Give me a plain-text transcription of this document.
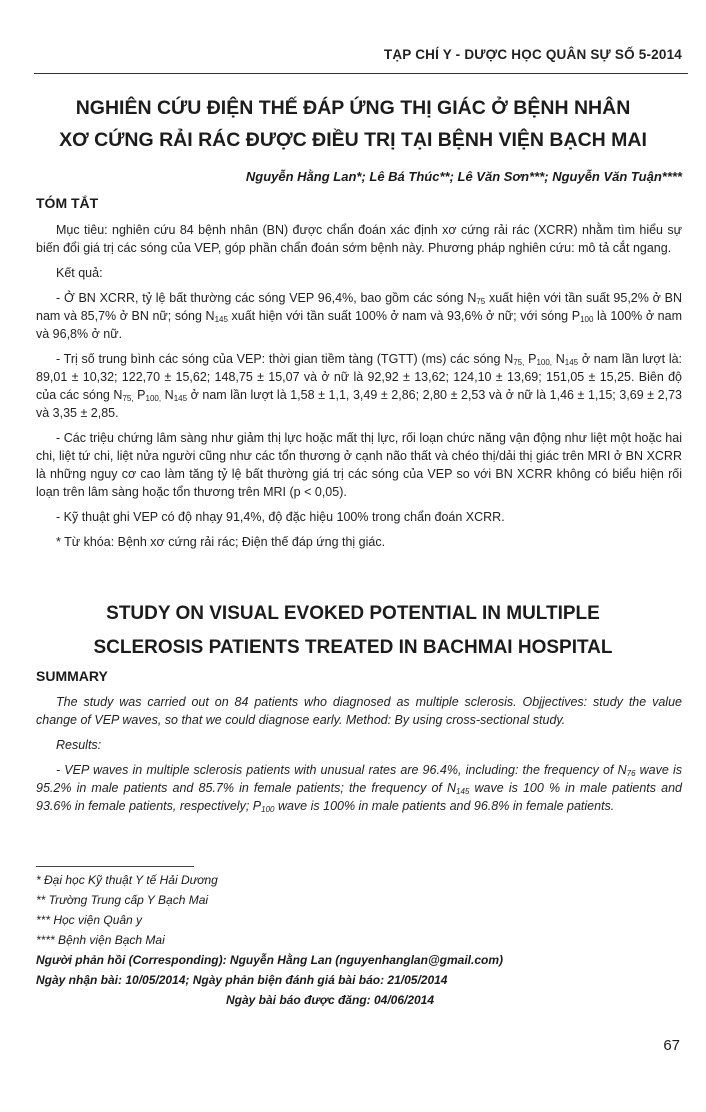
TẠP CHÍ Y - DƯỢC HỌC QUÂN SỰ SỐ 5-2014
NGHIÊN CỨU ĐIỆN THẾ ĐÁP ỨNG THỊ GIÁC Ở BỆNH NHÂN
XƠ CỨNG RẢI RÁC ĐƯỢC ĐIỀU TRỊ TẠI BỆNH VIỆN BẠCH MAI
Nguyễn Hằng Lan*; Lê Bá Thúc**; Lê Văn Sơn***; Nguyễn Văn Tuận****
TÓM TẮT

Mục tiêu: nghiên cứu 84 bệnh nhân (BN) được chẩn đoán xác định xơ cứng rải rác (XCRR) nhằm tìm hiểu sự biến đổi giá trị các sóng của VEP, góp phần chẩn đoán sớm bệnh này. Phương pháp nghiên cứu: mô tả cắt ngang.

Kết quả:

- Ở BN XCRR, tỷ lệ bất thường các sóng VEP 96,4%, bao gồm các sóng $N_{75}$ xuất hiện với tần suất 95,2% ở BN nam và 85,7% ở BN nữ; sóng $N_{145}$ xuất hiện với tần suất 100% ở nam và 93,6% ở nữ; với sóng $P_{100}$ là 100% ở nam và 96,8% ở nữ.

- Trị số trung bình các sóng của VEP: thời gian tiềm tàng (TGTT) (ms) các sóng $N_{75,}$ $P_{100,}$ $N_{145}$ ở nam lần lượt là: 89,01 ± 10,32; 122,70 ± 15,62; 148,75 ± 15,07 và ở nữ là 92,92 ± 13,62; 124,10 ± 13,69; 151,05 ± 15,25. Biên độ của các sóng $N_{75,}$ $P_{100,}$ $N_{145}$ ở nam lần lượt là 1,58 ± 1,1, 3,49 ± 2,86; 2,80 ± 2,53 và ở nữ là 1,46 ± 1,15; 3,69 ± 2,73 và 3,35 ± 2,85.

- Các triệu chứng lâm sàng như giảm thị lực hoặc mất thị lực, rối loạn chức năng vận động như liệt một hoặc hai chi, liệt tứ chi, liệt nửa người cũng như các tổn thương ở cạnh não thất và chéo thị/dải thị giác trên MRI ở BN XCRR là những nguy cơ cao làm tăng tỷ lệ bất thường giá trị các sóng của VEP so với BN XCRR không có biểu hiện rối loạn trên lâm sàng hoặc tổn thương trên MRI (p < 0,05).

- Kỹ thuật ghi VEP có độ nhạy 91,4%, độ đặc hiệu 100% trong chẩn đoán XCRR.

* Từ khóa: Bệnh xơ cứng rải rác; Điện thế đáp ứng thị giác.

STUDY ON VISUAL EVOKED POTENTIAL IN MULTIPLE
SCLEROSIS PATIENTS TREATED IN BACHMAI HOSPITAL
SUMMARY

The study was carried out on 84 patients who diagnosed as multiple sclerosis. Objjectives: study the value change of VEP waves, so that we could diagnose early. Method: By using cross-sectional study.

Results:

- VEP waves in multiple sclerosis patients with unusual rates are 96.4%, including: the frequency of $N_{76}$ wave is 95.2% in male patients and 85.7% in female patients; the frequency of $N_{145}$ wave is 100 % in male patients and 93.6% in female patients, respectively; $P_{100}$ wave is 100% in male patients and 96.8% in female patients.

* Đại học Kỹ thuật Y tế Hải Dương
** Trường Trung cấp Y Bạch Mai
*** Học viện Quân y
**** Bệnh viện Bạch Mai
Người phản hồi (Corresponding): Nguyễn Hằng Lan (nguyenhanglan@gmail.com)
Ngày nhận bài: 10/05/2014; Ngày phản biện đánh giá bài báo: 21/05/2014
Ngày bài báo được đăng: 04/06/2014
67
